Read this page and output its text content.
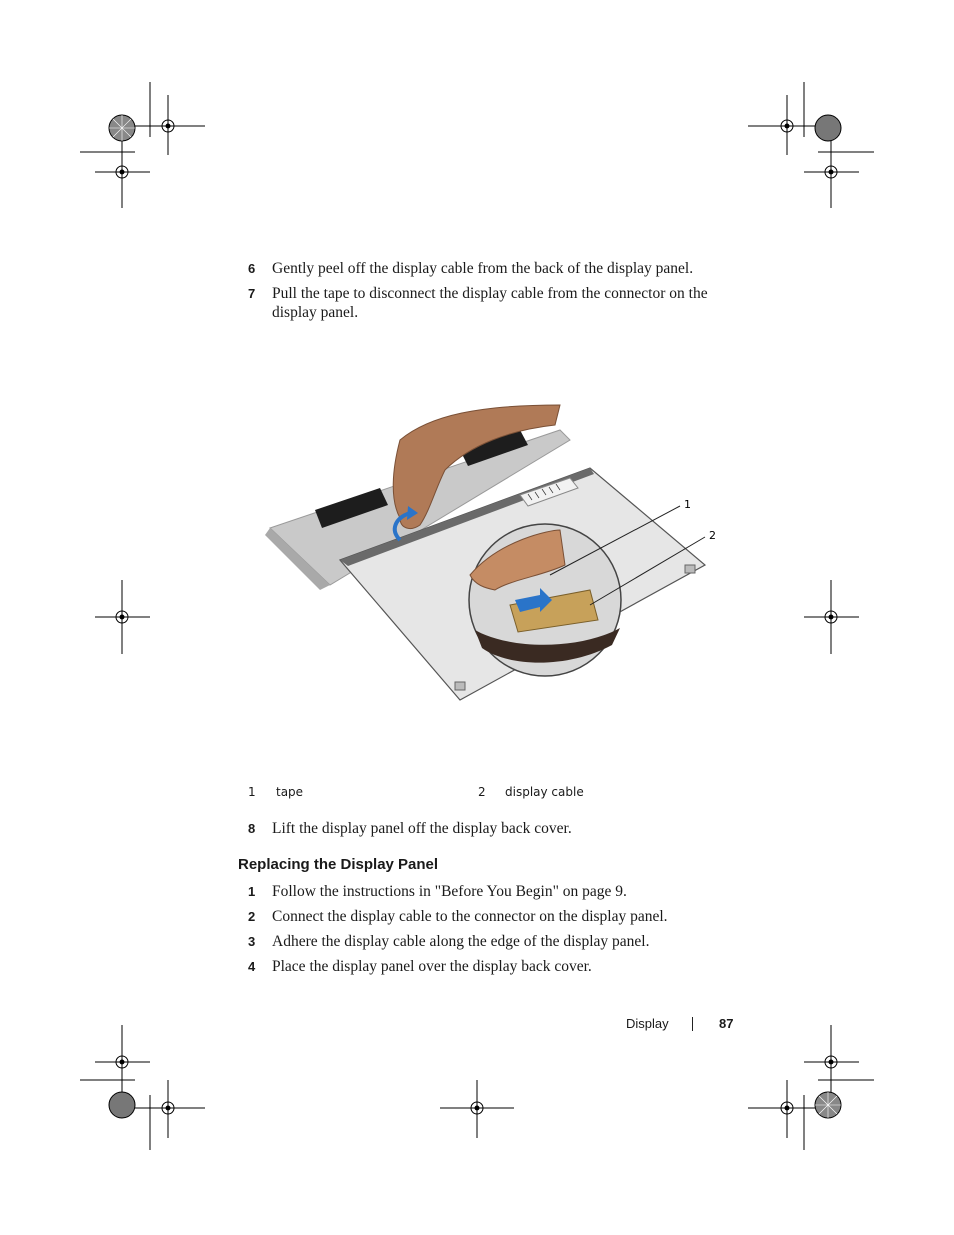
6 Gently peel off the display cable from the back of the display panel.
7 Pull the tape to disconnect the display cable from the connector on the display panel.
1
2
1 tape	2 display cable
8 Lift the display panel off the display back cover.
Replacing the Display Panel
1 Follow the instructions in "Before You Begin" on page 9.
2 Connect the display cable to the connector on the display panel.
3 Adhere the display cable along the edge of the display panel.
4 Place the display panel over the display back cover.
Display	87
